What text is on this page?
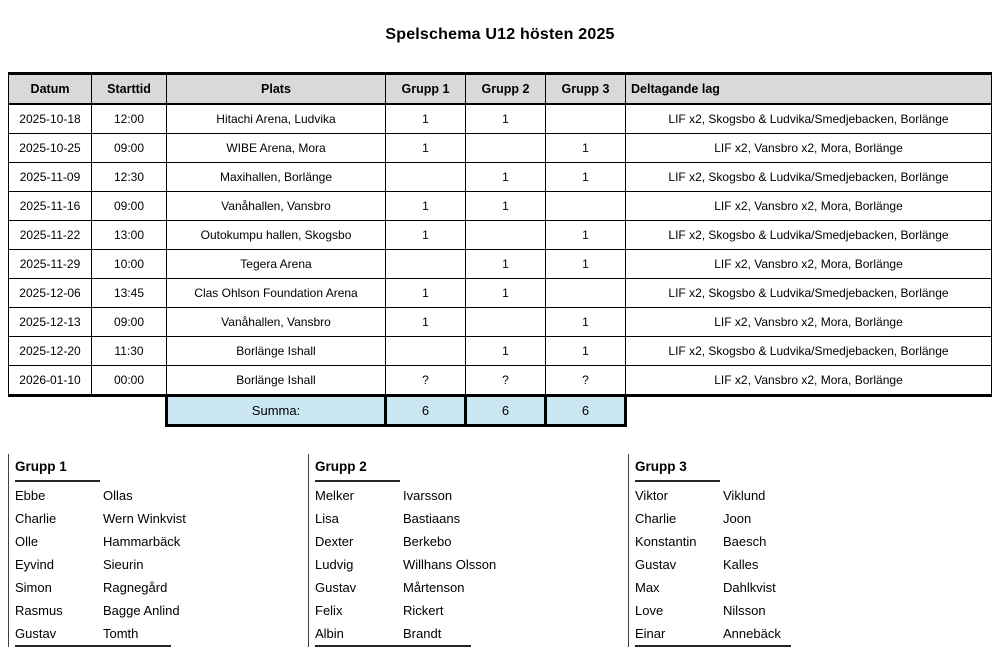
Spelschema U12 hösten 2025
Datum	Starttid	Plats	Grupp 1	Grupp 2	Grupp 3	Deltagande lag
2025-10-18	12:00	Hitachi Arena, Ludvika	1	1		LIF x2, Skogsbo & Ludvika/Smedjebacken, Borlänge
2025-10-25	09:00	WIBE Arena, Mora	1		1	LIF x2, Vansbro x2, Mora, Borlänge
2025-11-09	12:30	Maxihallen, Borlänge		1	1	LIF x2, Skogsbo & Ludvika/Smedjebacken, Borlänge
2025-11-16	09:00	Vanåhallen, Vansbro	1	1		LIF x2, Vansbro x2, Mora, Borlänge
2025-11-22	13:00	Outokumpu hallen, Skogsbo	1		1	LIF x2, Skogsbo & Ludvika/Smedjebacken, Borlänge
2025-11-29	10:00	Tegera Arena		1	1	LIF x2, Vansbro x2, Mora, Borlänge
2025-12-06	13:45	Clas Ohlson Foundation Arena	1	1		LIF x2, Skogsbo & Ludvika/Smedjebacken, Borlänge
2025-12-13	09:00	Vanåhallen, Vansbro	1		1	LIF x2, Vansbro x2, Mora, Borlänge
2025-12-20	11:30	Borlänge Ishall		1	1	LIF x2, Skogsbo & Ludvika/Smedjebacken, Borlänge
2026-01-10	00:00	Borlänge Ishall	?	?	?	LIF x2, Vansbro x2, Mora, Borlänge
		Summa:	6	6	6	
Grupp 1
Ebbe	Ollas
Charlie	Wern Winkvist
Olle	Hammarbäck
Eyvind	Sieurin
Simon	Ragnegård
Rasmus	Bagge Anlind
Gustav	Tomth
Grupp 2
Melker	Ivarsson
Lisa	Bastiaans
Dexter	Berkebo
Ludvig	Willhans Olsson
Gustav	Mårtenson
Felix	Rickert
Albin	Brandt
Grupp 3
Viktor	Viklund
Charlie	Joon
Konstantin	Baesch
Gustav	Kalles
Max	Dahlkvist
Love	Nilsson
Einar	Annebäck
